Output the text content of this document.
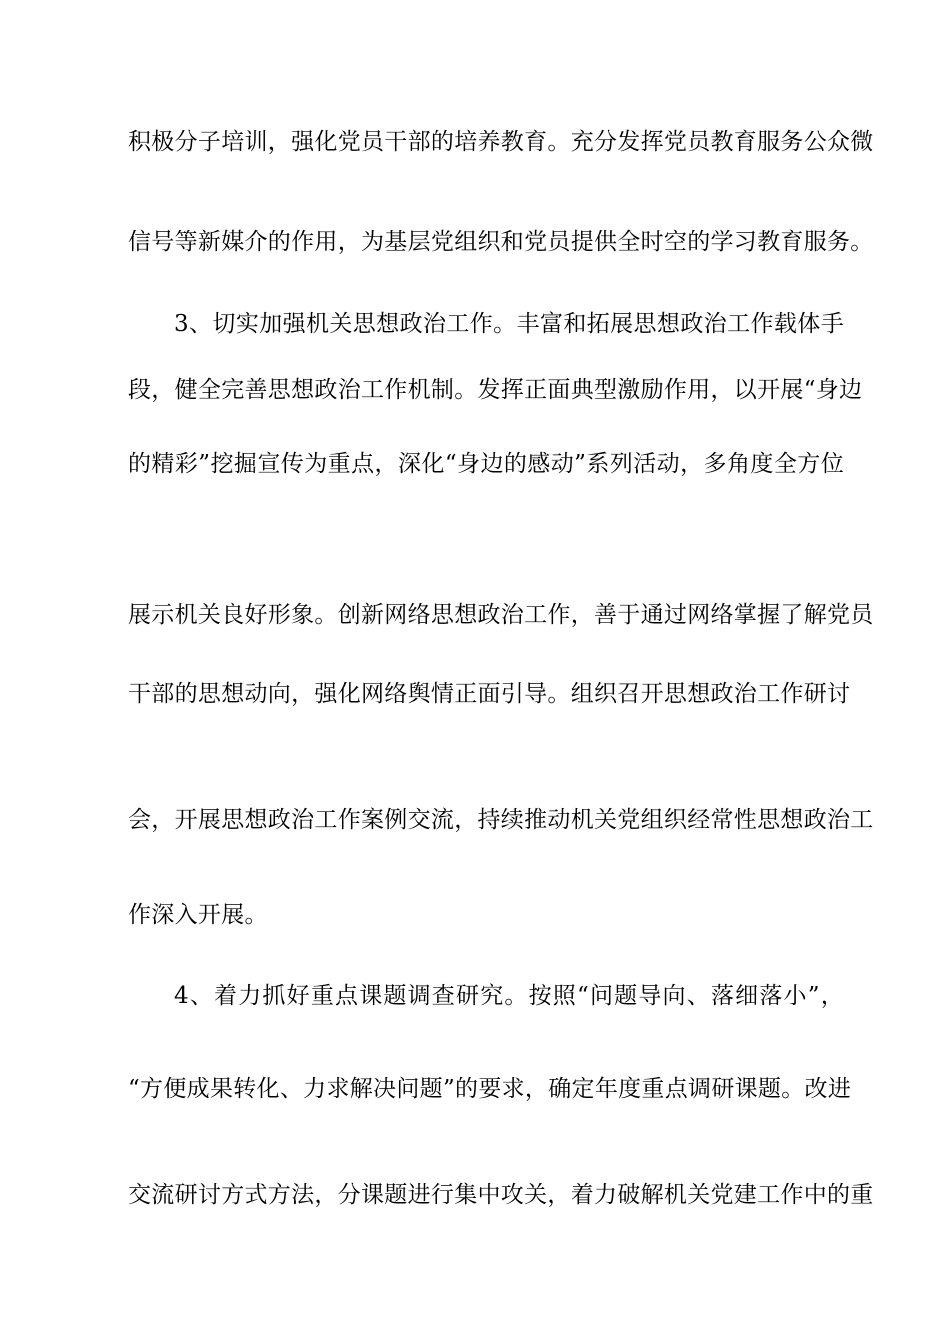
积极分子培训，强化党员干部的培养教育。充分发挥党员教育服务公众微
信号等新媒介的作用，为基层党组织和党员提供全时空的学习教育服务。
3、切实加强机关思想政治工作。丰富和拓展思想政治工作载体手
段，健全完善思想政治工作机制。发挥正面典型激励作用，以开展“身边
的精彩”挖掘宣传为重点，深化“身边的感动”系列活动，多角度全方位
展示机关良好形象。创新网络思想政治工作，善于通过网络掌握了解党员
干部的思想动向，强化网络舆情正面引导。组织召开思想政治工作研讨
会，开展思想政治工作案例交流，持续推动机关党组织经常性思想政治工
作深入开展。
4、着力抓好重点课题调查研究。按照“问题导向、落细落小”，
“方便成果转化、力求解决问题”的要求，确定年度重点调研课题。改进
交流研讨方式方法，分课题进行集中攻关，着力破解机关党建工作中的重
